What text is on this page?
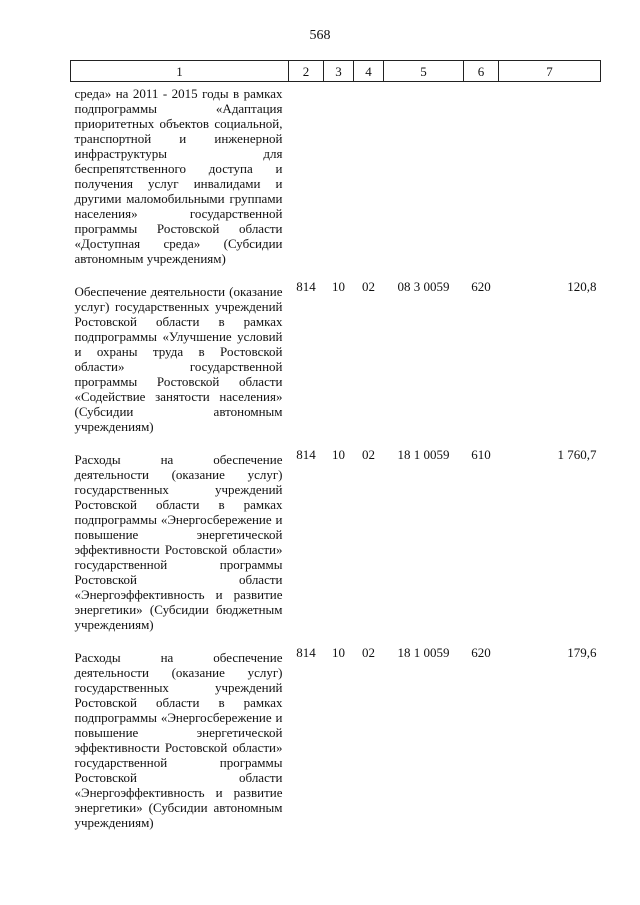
568
1	2	3	4	5	6	7
среда» на 2011 - 2015 годы в рамках подпрограммы «Адаптация приоритетных объектов социальной, транспортной и инженерной инфраструктуры для беспрепятственного доступа и получения услуг инвалидами и другими маломобильными группами населения» государственной программы Ростовской области «Доступная среда» (Субсидии автономным учреждениям)						
Обеспечение деятельности (оказание услуг) государственных учреждений Ростовской области в рамках подпрограммы «Улучшение условий и охраны труда в Ростовской области» государственной программы Ростовской области «Содействие занятости населения» (Субсидии автономным учреждениям)	814	10	02	08 3 0059	620	120,8
Расходы на обеспечение деятельности (оказание услуг) государственных учреждений Ростовской области в рамках подпрограммы «Энергосбережение и повышение энергетической эффективности Ростовской области» государственной программы Ростовской области «Энергоэффективность и развитие энергетики» (Субсидии бюджетным учреждениям)	814	10	02	18 1 0059	610	1 760,7
Расходы на обеспечение деятельности (оказание услуг) государственных учреждений Ростовской области в рамках подпрограммы «Энергосбережение и повышение энергетической эффективности Ростовской области» государственной программы Ростовской области «Энергоэффективность и развитие энергетики» (Субсидии автономным учреждениям)	814	10	02	18 1 0059	620	179,6
